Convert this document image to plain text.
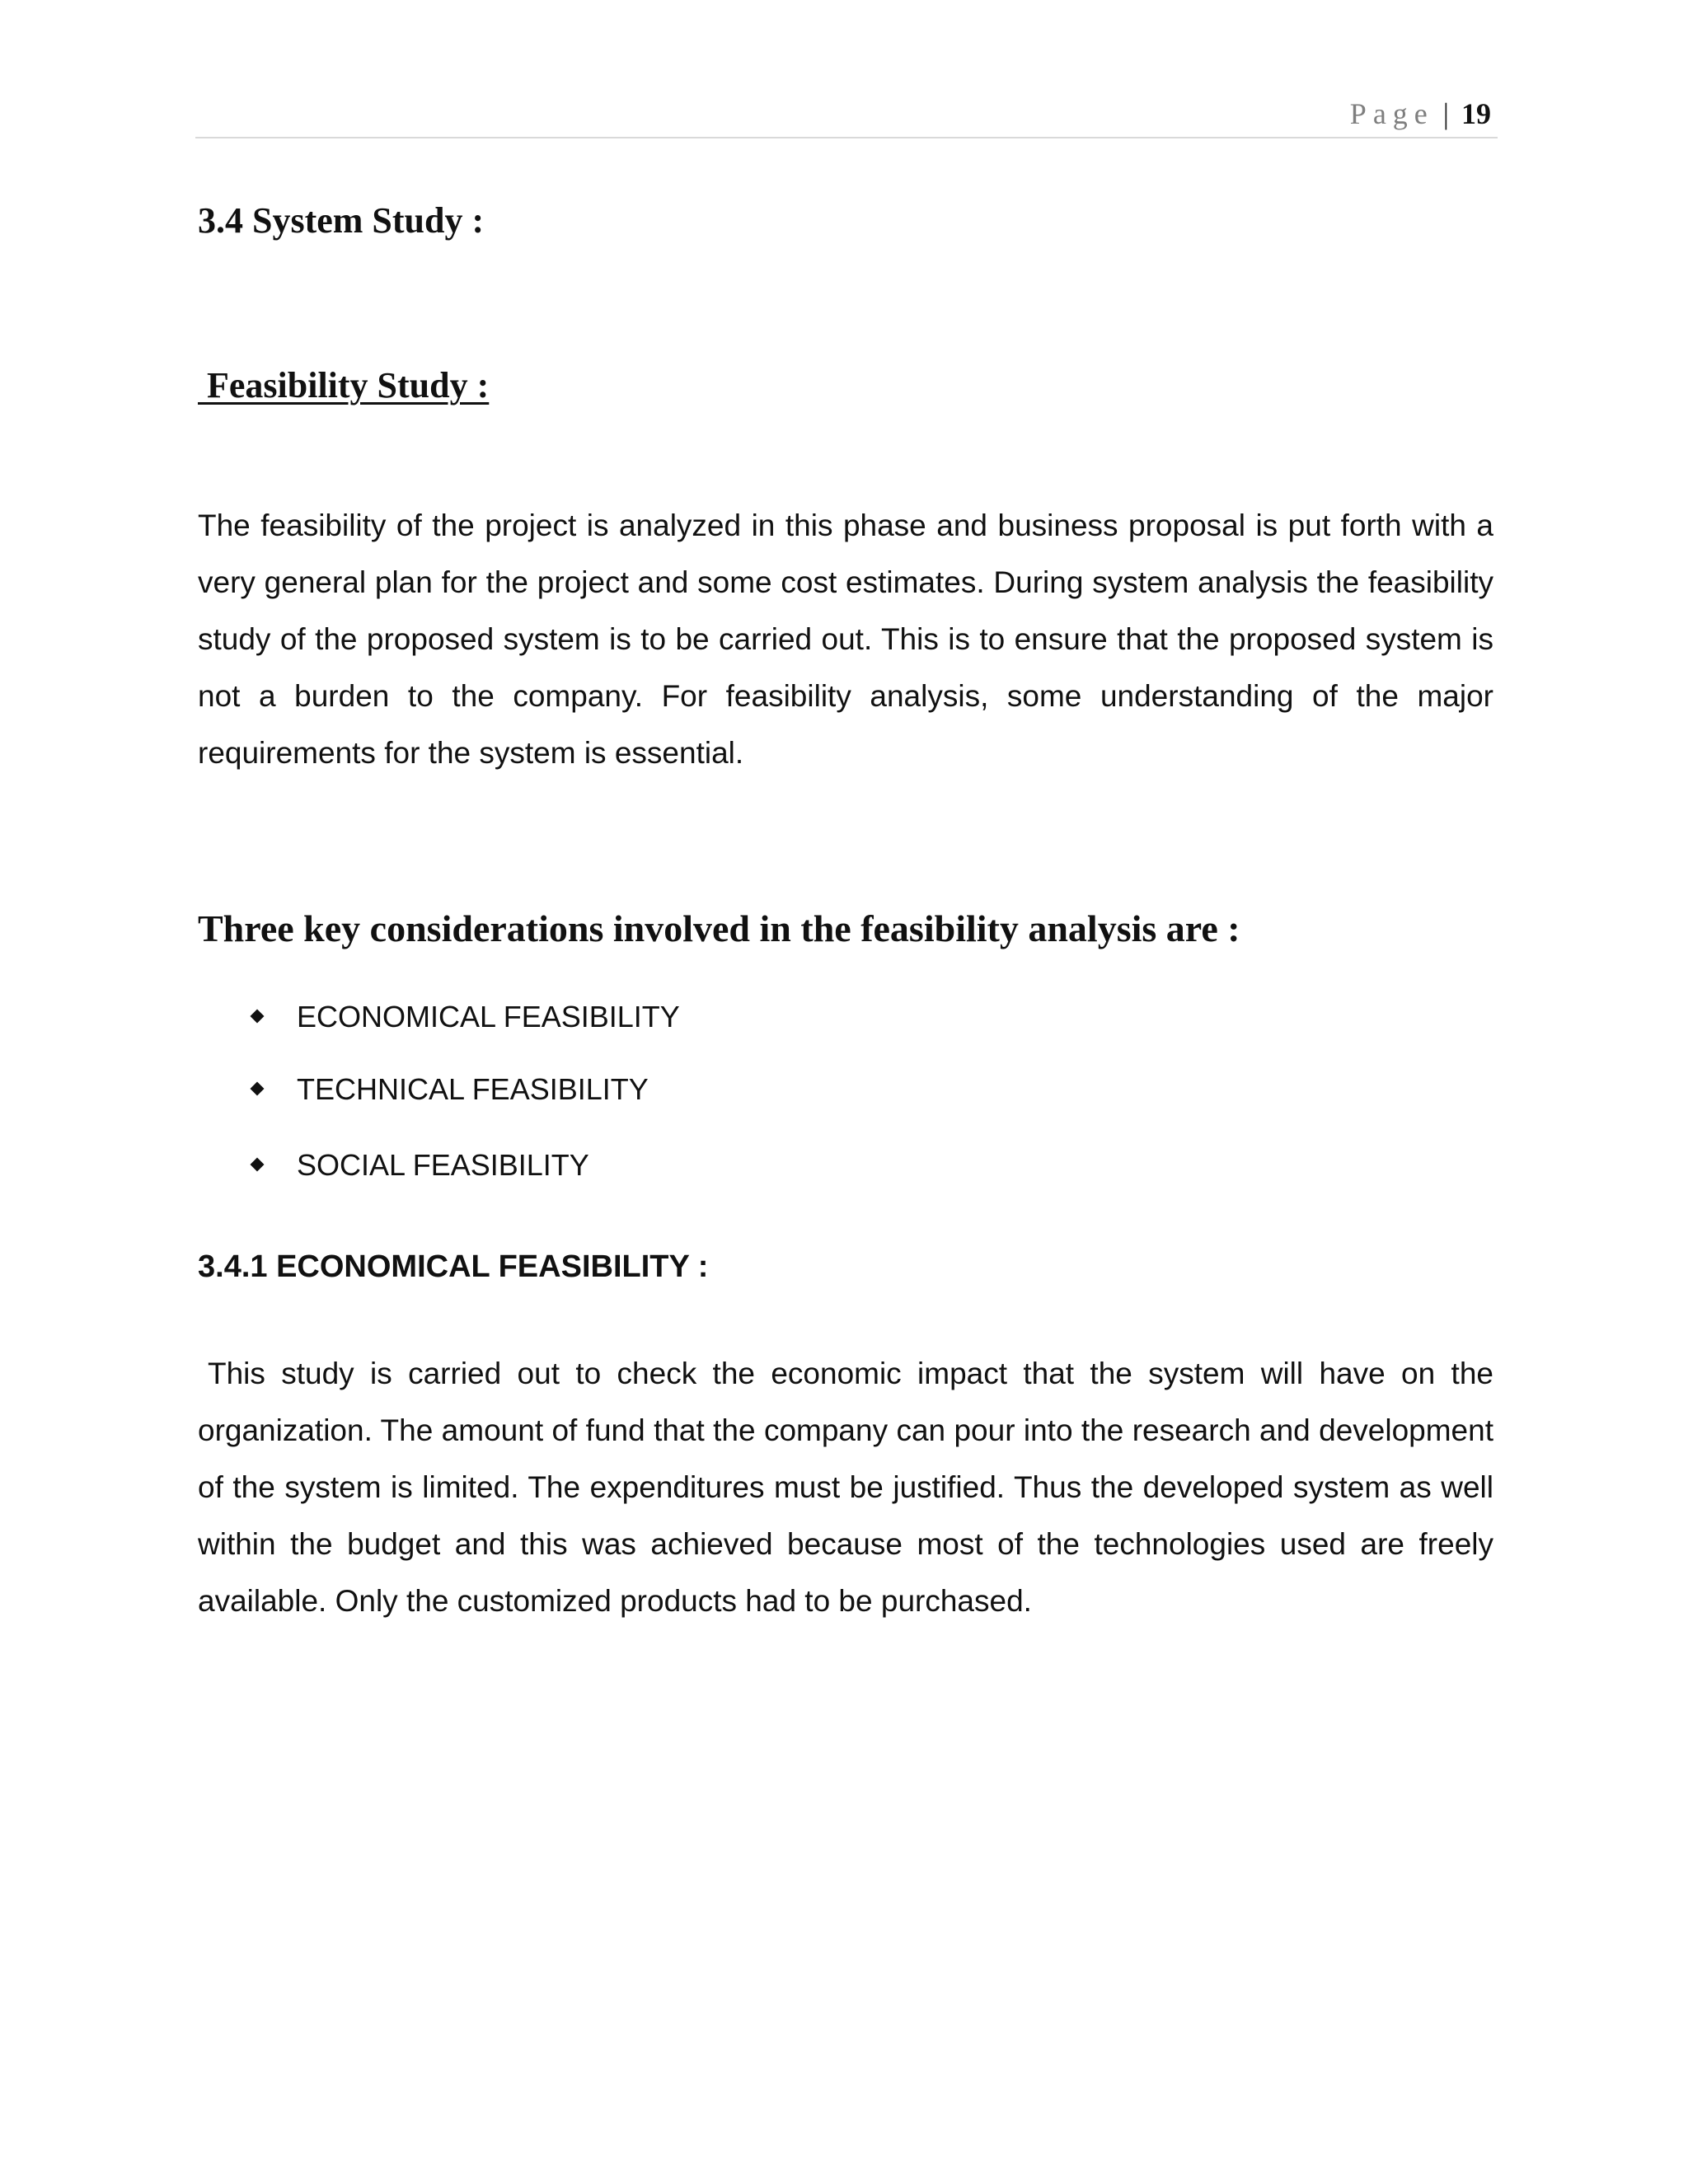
Page | 19
3.4 System Study :
Feasibility Study :

The feasibility of the project is analyzed in this phase and business proposal is put forth with a very general plan for the project and some cost estimates. During system analysis the feasibility study of the proposed system is to be carried out. This is to ensure that the proposed system is not a burden to the company. For feasibility analysis, some understanding of the major requirements for the system is essential.

Three key considerations involved in the feasibility analysis are :
ECONOMICAL FEASIBILITY
TECHNICAL FEASIBILITY
SOCIAL FEASIBILITY
3.4.1 ECONOMICAL FEASIBILITY :

This study is carried out to check the economic impact that the system will have on the organization. The amount of fund that the company can pour into the research and development of the system is limited. The expenditures must be justified. Thus the developed system as well within the budget and this was achieved because most of the technologies used are freely available. Only the customized products had to be purchased.
